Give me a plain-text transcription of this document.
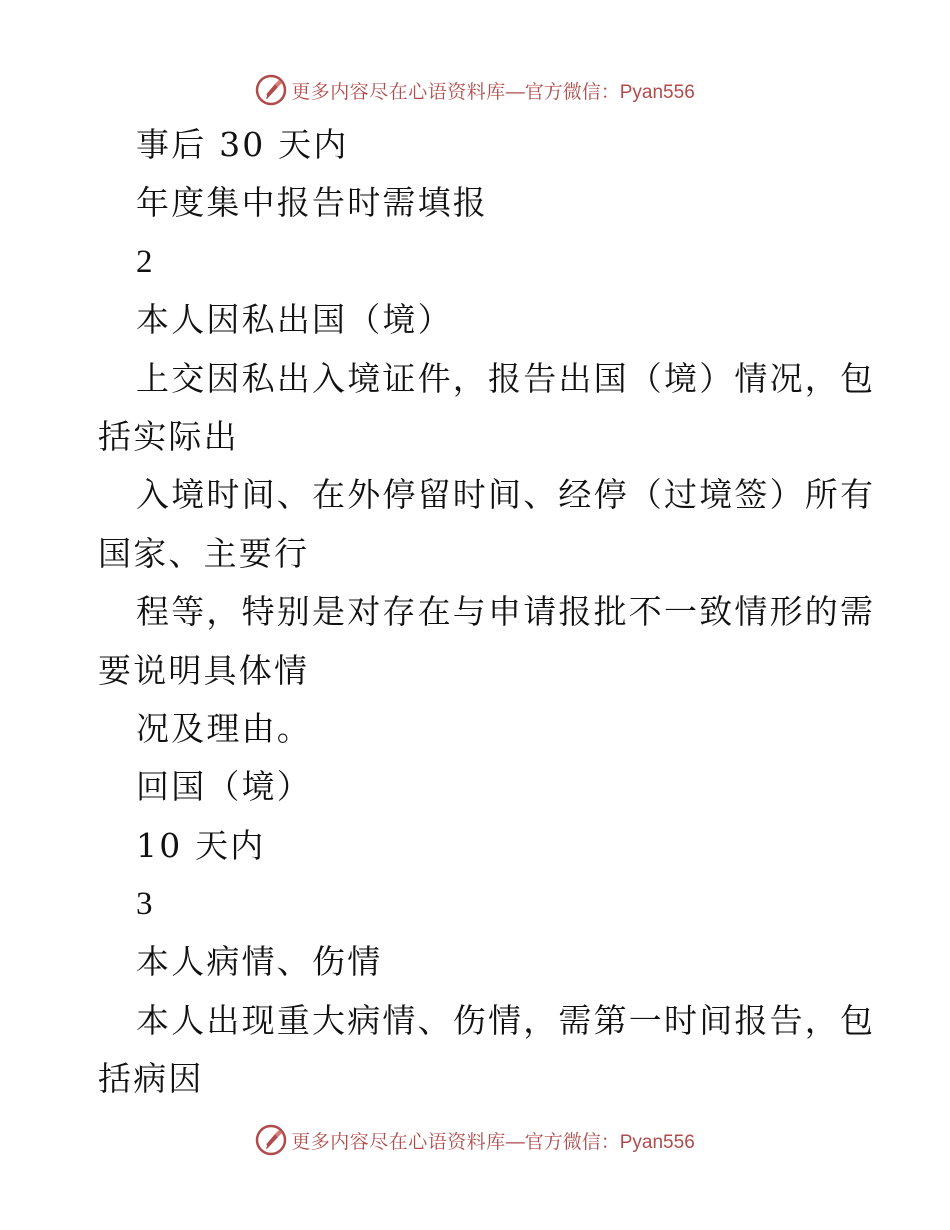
更多内容尽在心语资料库 —官方微信：Pyan556
事后 30 天内
年度集中报告时需填报
2
本人因私出国（境）
上交因私出入境证件，报告出国（境）情况，包
括实际出
入境时间、在外停留时间、经停（过境签）所有
国家、主要行
程等，特别是对存在与申请报批不一致情形的需
要说明具体情
况及理由。
回国（境）
10 天内
3
本人病情、伤情
本人出现重大病情、伤情，需第一时间报告，包
括病因
更多内容尽在心语资料库 —官方微信：Pyan556
